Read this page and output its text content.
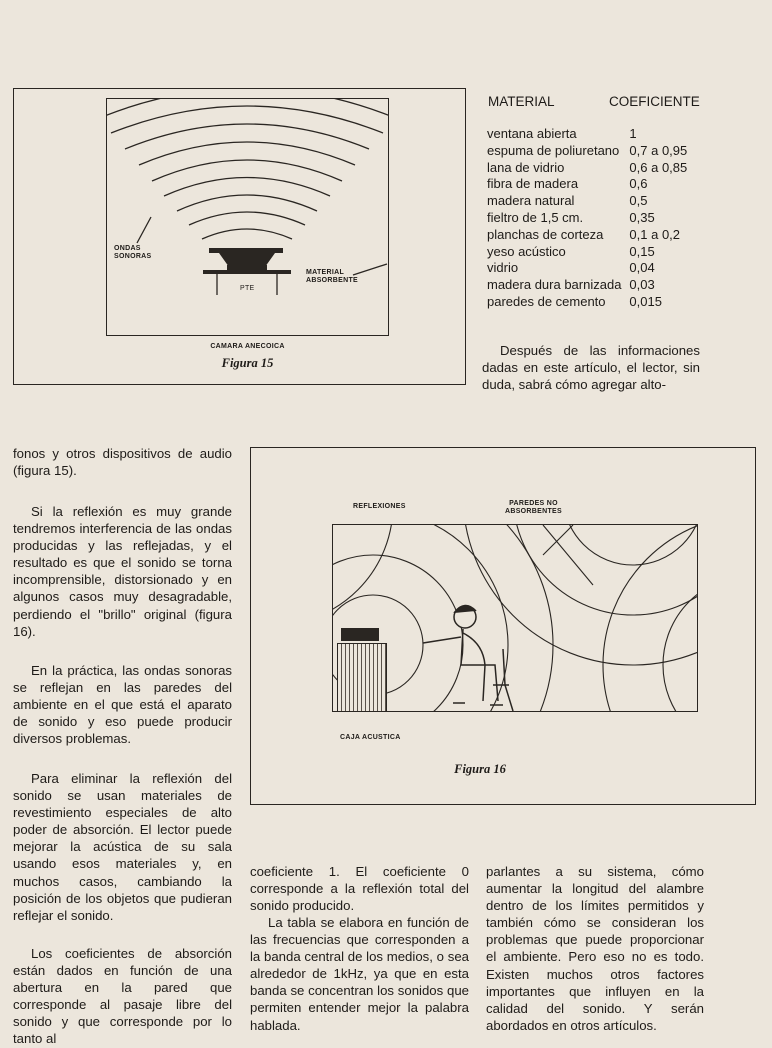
ONDAS
SONORAS
MATERIAL
ABSORBENTE
PTE
CAMARA ANECOICA
Figura 15
MATERIAL	COEFICIENTE
ventana abierta	1
espuma de poliuretano	0,7 a 0,95
lana de vidrio	0,6 a 0,85
fibra de madera	0,6
madera natural	0,5
fieltro de 1,5 cm.	0,35
planchas de corteza	0,1 a 0,2
yeso acústico	0,15
vidrio	0,04
madera dura barnizada	0,03
paredes de cemento	0,015
Después de las informaciones dadas en este artículo, el lector, sin duda, sabrá cómo agregar alto-
REFLEXIONES	PAREDES NO
ABSORBENTES
CAJA ACUSTICA
Figura 16
fonos y otros dispositivos de audio (figura 15).
Si la reflexión es muy grande tendremos interferencia de las ondas producidas y las reflejadas, y el resultado es que el sonido se torna incomprensible, distorsionado y en algunos casos muy desagradable, perdiendo el "brillo" original (figura 16).
En la práctica, las ondas sonoras se reflejan en las paredes del ambiente en el que está el aparato de sonido y eso puede producir diversos problemas.
Para eliminar la reflexión del sonido se usan materiales de revestimiento especiales de alto poder de absorción. El lector puede mejorar la acústica de su sala usando esos materiales y, en muchos casos, cambiando la posición de los objetos que pudieran reflejar el sonido.
Los coeficientes de absorción están dados en función de una abertura en la pared que corresponde al pasaje libre del sonido y que corresponde por lo tanto al
coeficiente 1. El coeficiente 0 corresponde a la reflexión total del sonido producido.
La tabla se elabora en función de las frecuencias que corresponden a la banda central de los medios, o sea alrededor de 1kHz, ya que en esta banda se concentran los sonidos que permiten entender mejor la palabra hablada.
parlantes a su sistema, cómo aumentar la longitud del alambre dentro de los límites permitidos y también cómo se consideran los problemas que puede proporcionar el ambiente. Pero eso no es todo. Existen muchos otros factores importantes que influyen en la calidad del sonido. Y serán abordados en otros artículos.
